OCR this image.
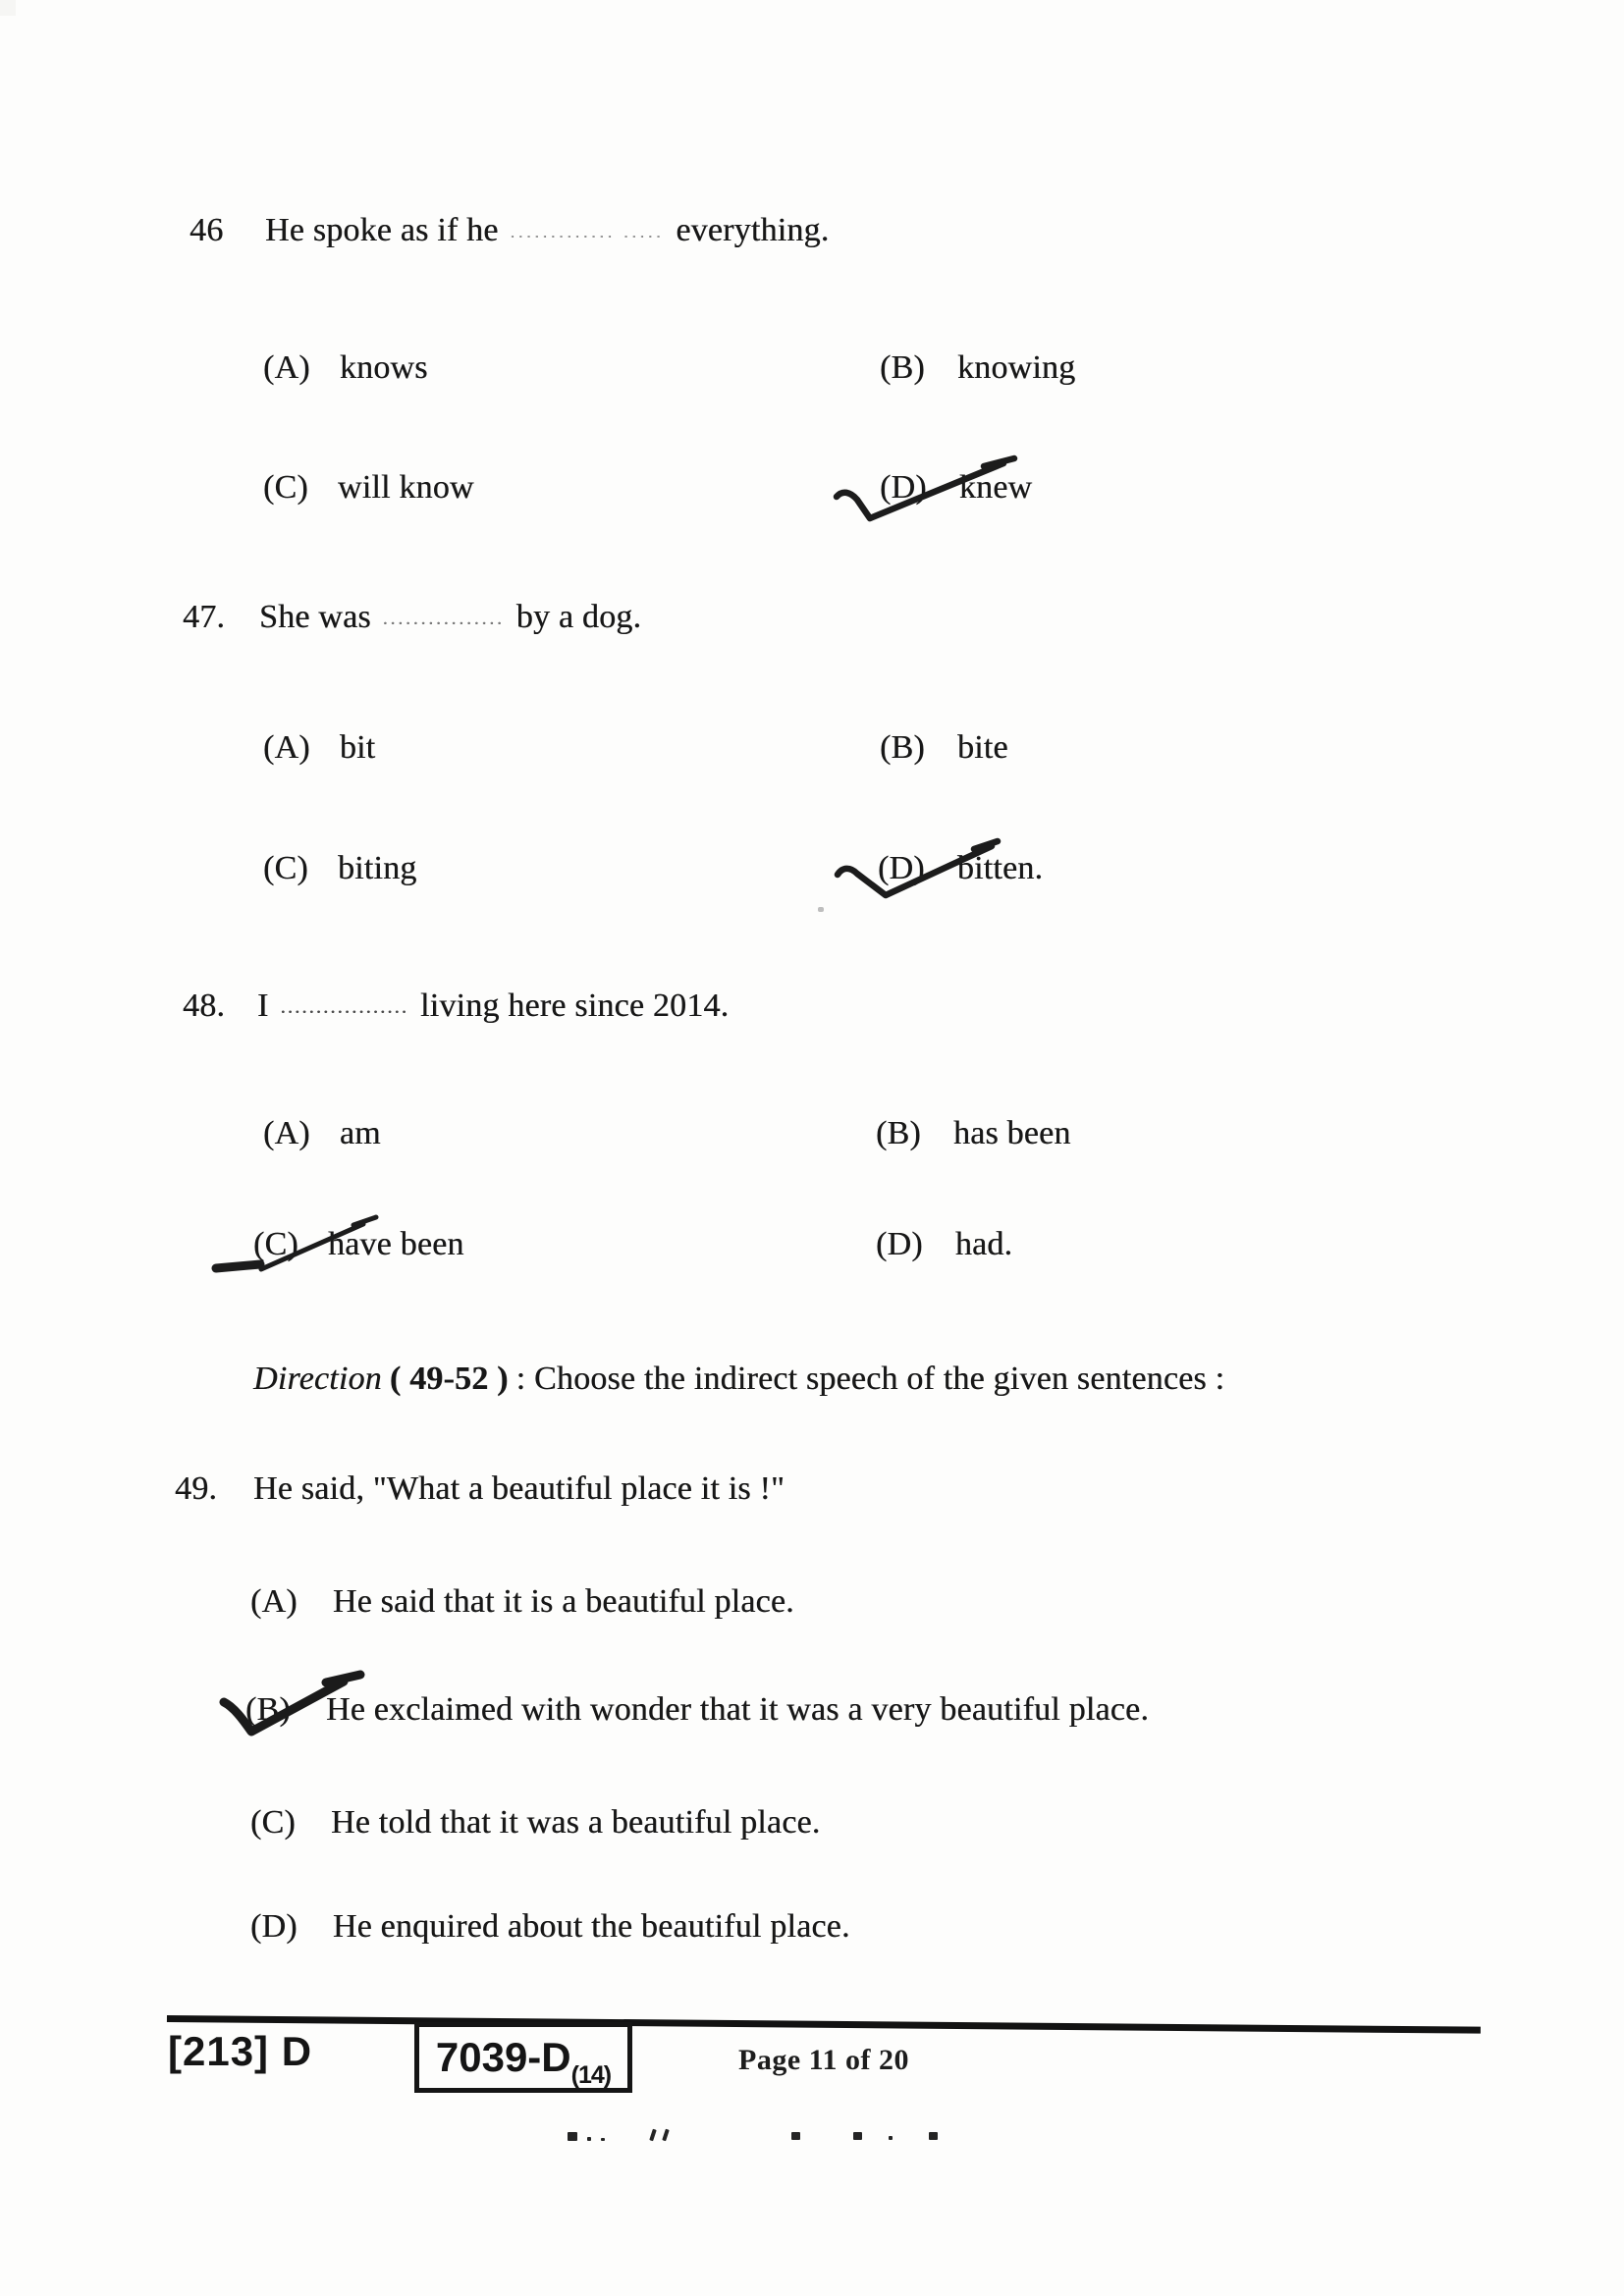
46 He spoke as if he ............. ..... everything.
(A) knows	(B) knowing
(C) will know	(D) knew
47. She was ................ by a dog.
(A) bit	(B) bite
(C) biting	(D) bitten.
48. I .................. living here since 2014.
(A) am	(B) has been
(C) have been	(D) had.
Direction ( 49-52 ) : Choose the indirect speech of the given sentences :
49. He said, "What a beautiful place it is !"
(A) He said that it is a beautiful place.
(B) He exclaimed with wonder that it was a very beautiful place.
(C) He told that it was a beautiful place.
(D) He enquired about the beautiful place.
[213] D	7039-D (14)	Page 11 of 20
